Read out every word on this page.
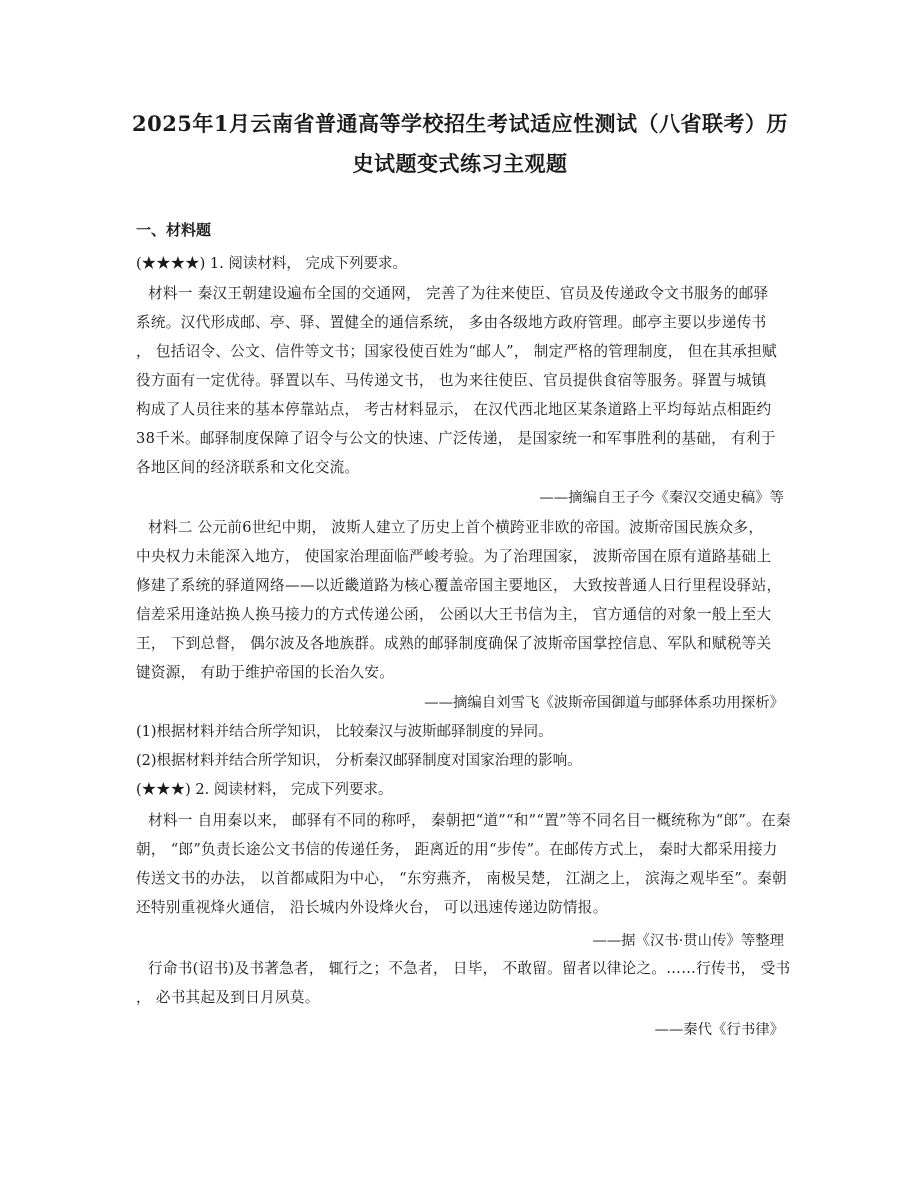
2025年1月云南省普通高等学校招生考试适应性测试（八省联考）历
史试题变式练习主观题
一、材料题
(★★★★) 1. 阅读材料， 完成下列要求。
材料一 秦汉王朝建设遍布全国的交通网， 完善了为往来使臣、官员及传递政令文书服务的邮驿
系统。汉代形成邮、亭、驿、置健全的通信系统， 多由各级地方政府管理。邮亭主要以步递传书
， 包括诏令、公文、信件等文书；国家役使百姓为“邮人”， 制定严格的管理制度， 但在其承担赋
役方面有一定优待。驿置以车、马传递文书， 也为来往使臣、官员提供食宿等服务。驿置与城镇
构成了人员往来的基本停靠站点， 考古材料显示， 在汉代西北地区某条道路上平均每站点相距约
38千米。邮驿制度保障了诏令与公文的快速、广泛传递， 是国家统一和军事胜利的基础， 有利于
各地区间的经济联系和文化交流。
——摘编自王子今《秦汉交通史稿》等
材料二 公元前6世纪中期， 波斯人建立了历史上首个横跨亚非欧的帝国。波斯帝国民族众多，
中央权力未能深入地方， 使国家治理面临严峻考验。为了治理国家， 波斯帝国在原有道路基础上
修建了系统的驿道网络——以近畿道路为核心覆盖帝国主要地区， 大致按普通人日行里程设驿站，
信差采用逢站换人换马接力的方式传递公函， 公函以大王书信为主， 官方通信的对象一般上至大
王， 下到总督， 偶尔波及各地族群。成熟的邮驿制度确保了波斯帝国掌控信息、军队和赋税等关
键资源， 有助于维护帝国的长治久安。
——摘编自刘雪飞《波斯帝国御道与邮驿体系功用探析》
(1)根据材料并结合所学知识， 比较秦汉与波斯邮驿制度的异同。
(2)根据材料并结合所学知识， 分析秦汉邮驿制度对国家治理的影响。
(★★★) 2. 阅读材料， 完成下列要求。
材料一 自用秦以来， 邮驿有不同的称呼， 秦朝把“道”“和”“置”等不同名目一概统称为“郎”。在秦
朝， “郎”负责长途公文书信的传递任务， 距离近的用“步传”。在邮传方式上， 秦时大都采用接力
传送文书的办法， 以首都咸阳为中心， “东穷燕齐， 南极吴楚， 江湖之上， 滨海之观毕至”。秦朝
还特别重视烽火通信， 沿长城内外设烽火台， 可以迅速传递边防情报。
——据《汉书·贯山传》等整理
行命书(诏书)及书著急者， 辄行之；不急者， 日毕， 不敢留。留者以律论之。……行传书， 受书
， 必书其起及到日月夙莫。
——秦代《行书律》
